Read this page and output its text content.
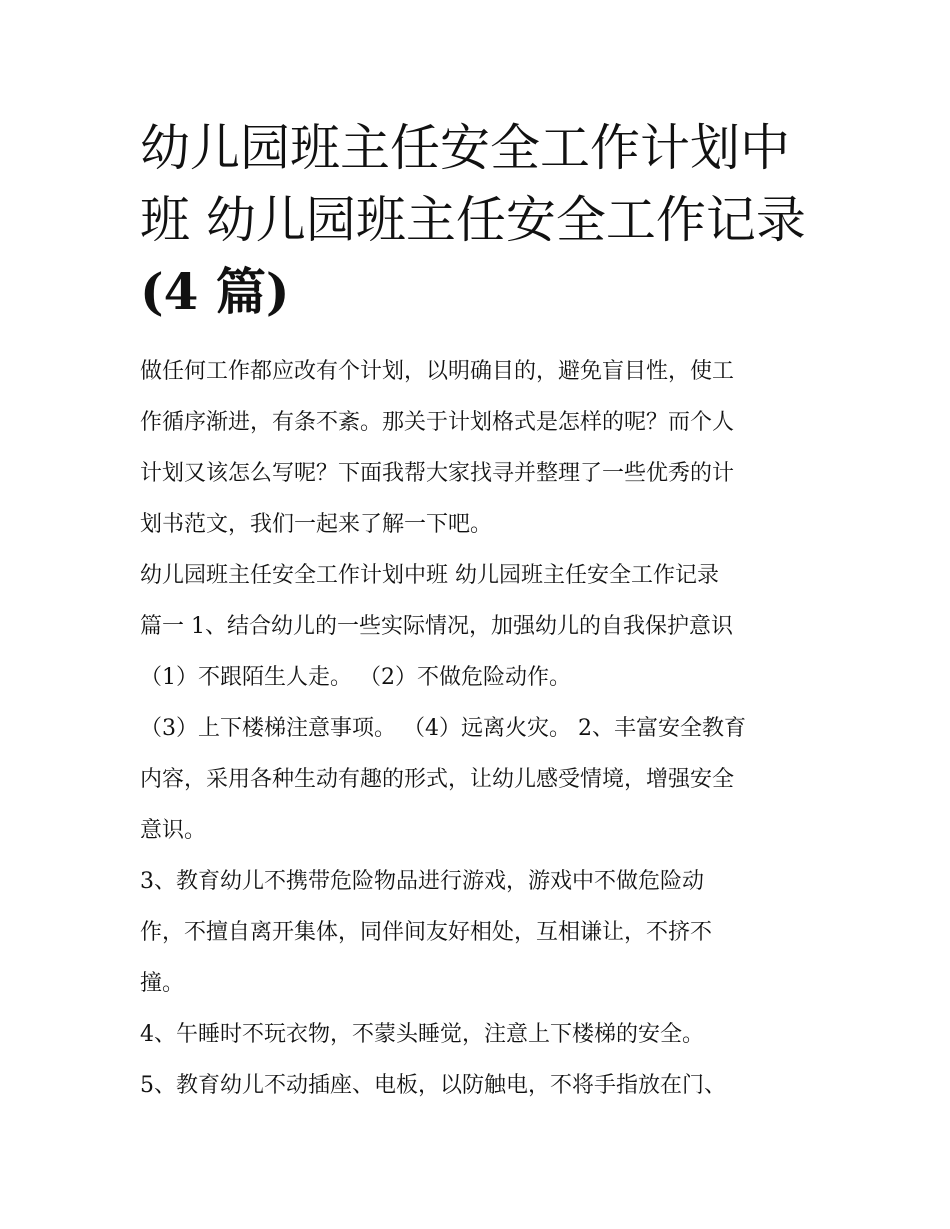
幼儿园班主任安全工作计划中
班 幼儿园班主任安全工作记录
(4 篇)
做任何工作都应改有个计划，以明确目的，避免盲目性，使工
作循序渐进，有条不紊。那关于计划格式是怎样的呢？而个人
计划又该怎么写呢？下面我帮大家找寻并整理了一些优秀的计
划书范文，我们一起来了解一下吧。
幼儿园班主任安全工作计划中班 幼儿园班主任安全工作记录
篇一 1、结合幼儿的一些实际情况，加强幼儿的自我保护意识
（1）不跟陌生人走。 （2）不做危险动作。
（3）上下楼梯注意事项。 （4）远离火灾。 2、丰富安全教育
内容，采用各种生动有趣的形式，让幼儿感受情境，增强安全
意识。
3、教育幼儿不携带危险物品进行游戏，游戏中不做危险动
作，不擅自离开集体，同伴间友好相处，互相谦让，不挤不
撞。
4、午睡时不玩衣物，不蒙头睡觉，注意上下楼梯的安全。
5、教育幼儿不动插座、电板，以防触电，不将手指放在门、
